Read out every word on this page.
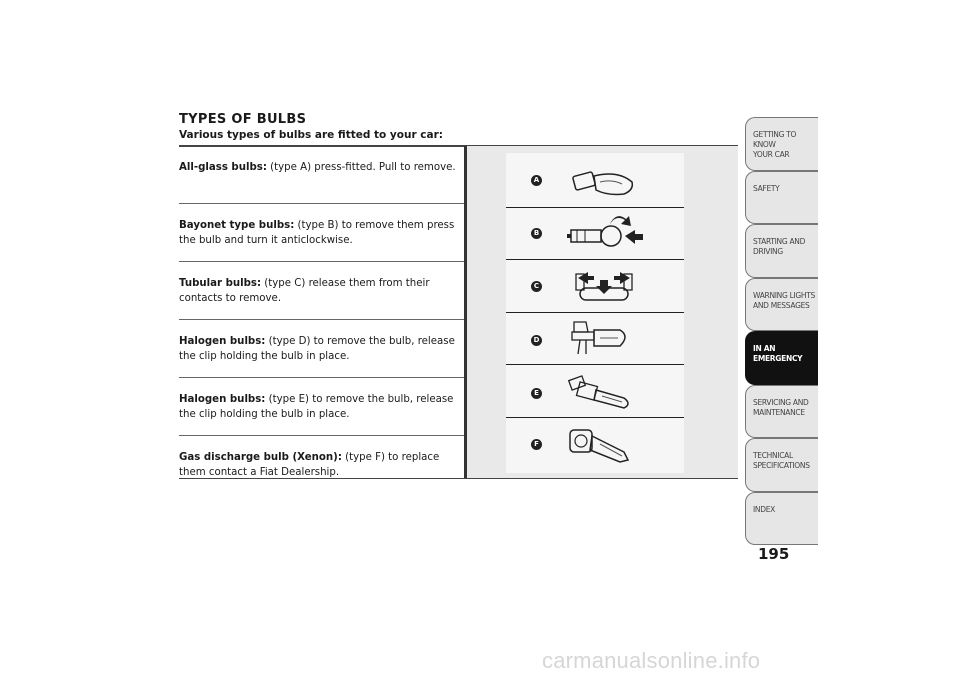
TYPES OF BULBS
Various types of bulbs are fitted to your car:
All-glass bulbs: (type A) press-fitted. Pull to remove.
Bayonet type bulbs: (type B) to remove them press the bulb and turn it anticlockwise.
Tubular bulbs: (type C) release them from their contacts to remove.
Halogen bulbs: (type D) to remove the bulb, release the clip holding the bulb in place.
Halogen bulbs: (type E) to remove the bulb, release the clip holding the bulb in place.
Gas discharge bulb (Xenon): (type F) to replace them contact a Fiat Dealership.
A
B
C
D
E
F
GETTING TO KNOW
YOUR CAR
SAFETY
STARTING AND
DRIVING
WARNING LIGHTS
AND MESSAGES
IN AN
EMERGENCY
SERVICING AND
MAINTENANCE
TECHNICAL
SPECIFICATIONS
INDEX
195
carmanualsonline.info
